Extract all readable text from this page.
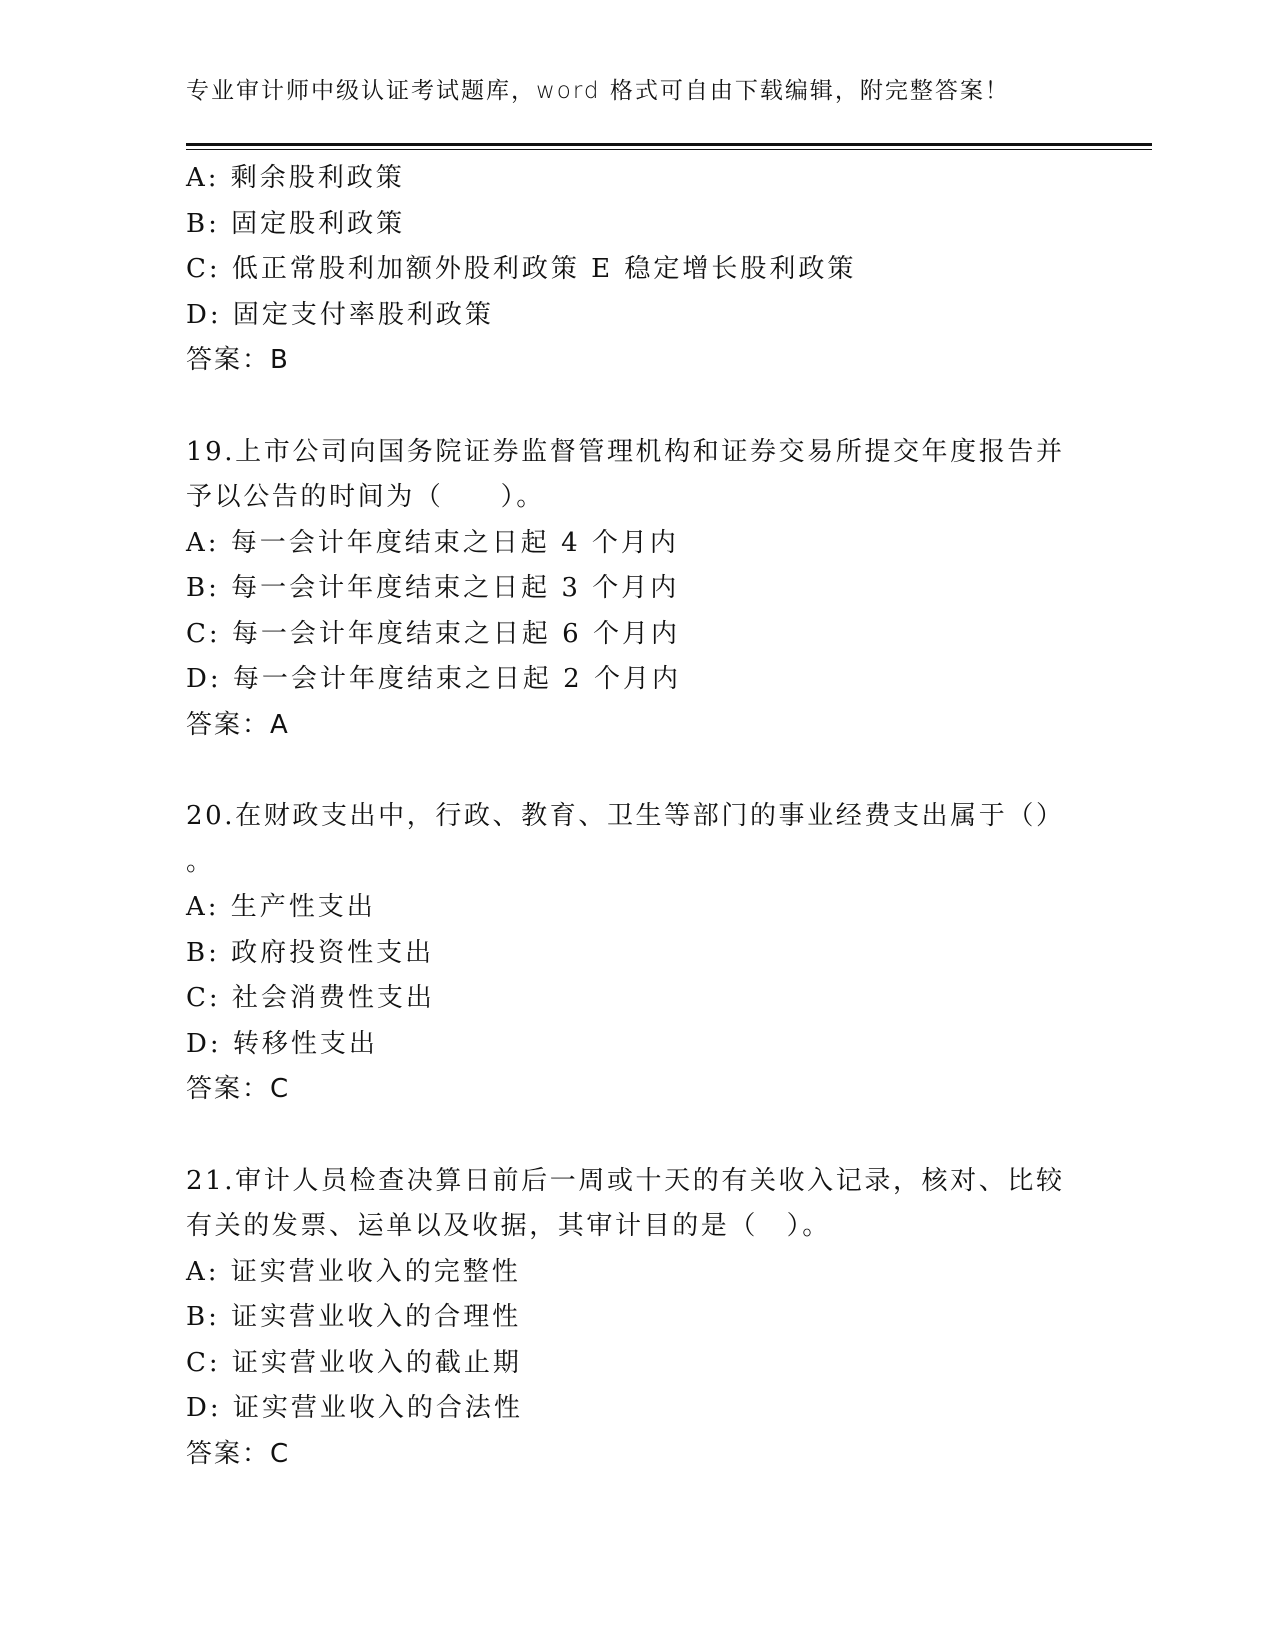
专业审计师中级认证考试题库，word 格式可自由下载编辑，附完整答案！

A: 剩余股利政策

B: 固定股利政策

C: 低正常股利加额外股利政策 E 稳定增长股利政策

D: 固定支付率股利政策

答案：B

19.上市公司向国务院证券监督管理机构和证券交易所提交年度报告并

予以公告的时间为（　　）。

A: 每一会计年度结束之日起 4 个月内

B: 每一会计年度结束之日起 3 个月内

C: 每一会计年度结束之日起 6 个月内

D: 每一会计年度结束之日起 2 个月内

答案：A

20.在财政支出中，行政、教育、卫生等部门的事业经费支出属于（）

。

A: 生产性支出

B: 政府投资性支出

C: 社会消费性支出

D: 转移性支出

答案：C

21.审计人员检查决算日前后一周或十天的有关收入记录，核对、比较

有关的发票、运单以及收据，其审计目的是（　）。

A: 证实营业收入的完整性

B: 证实营业收入的合理性

C: 证实营业收入的截止期

D: 证实营业收入的合法性

答案：C
